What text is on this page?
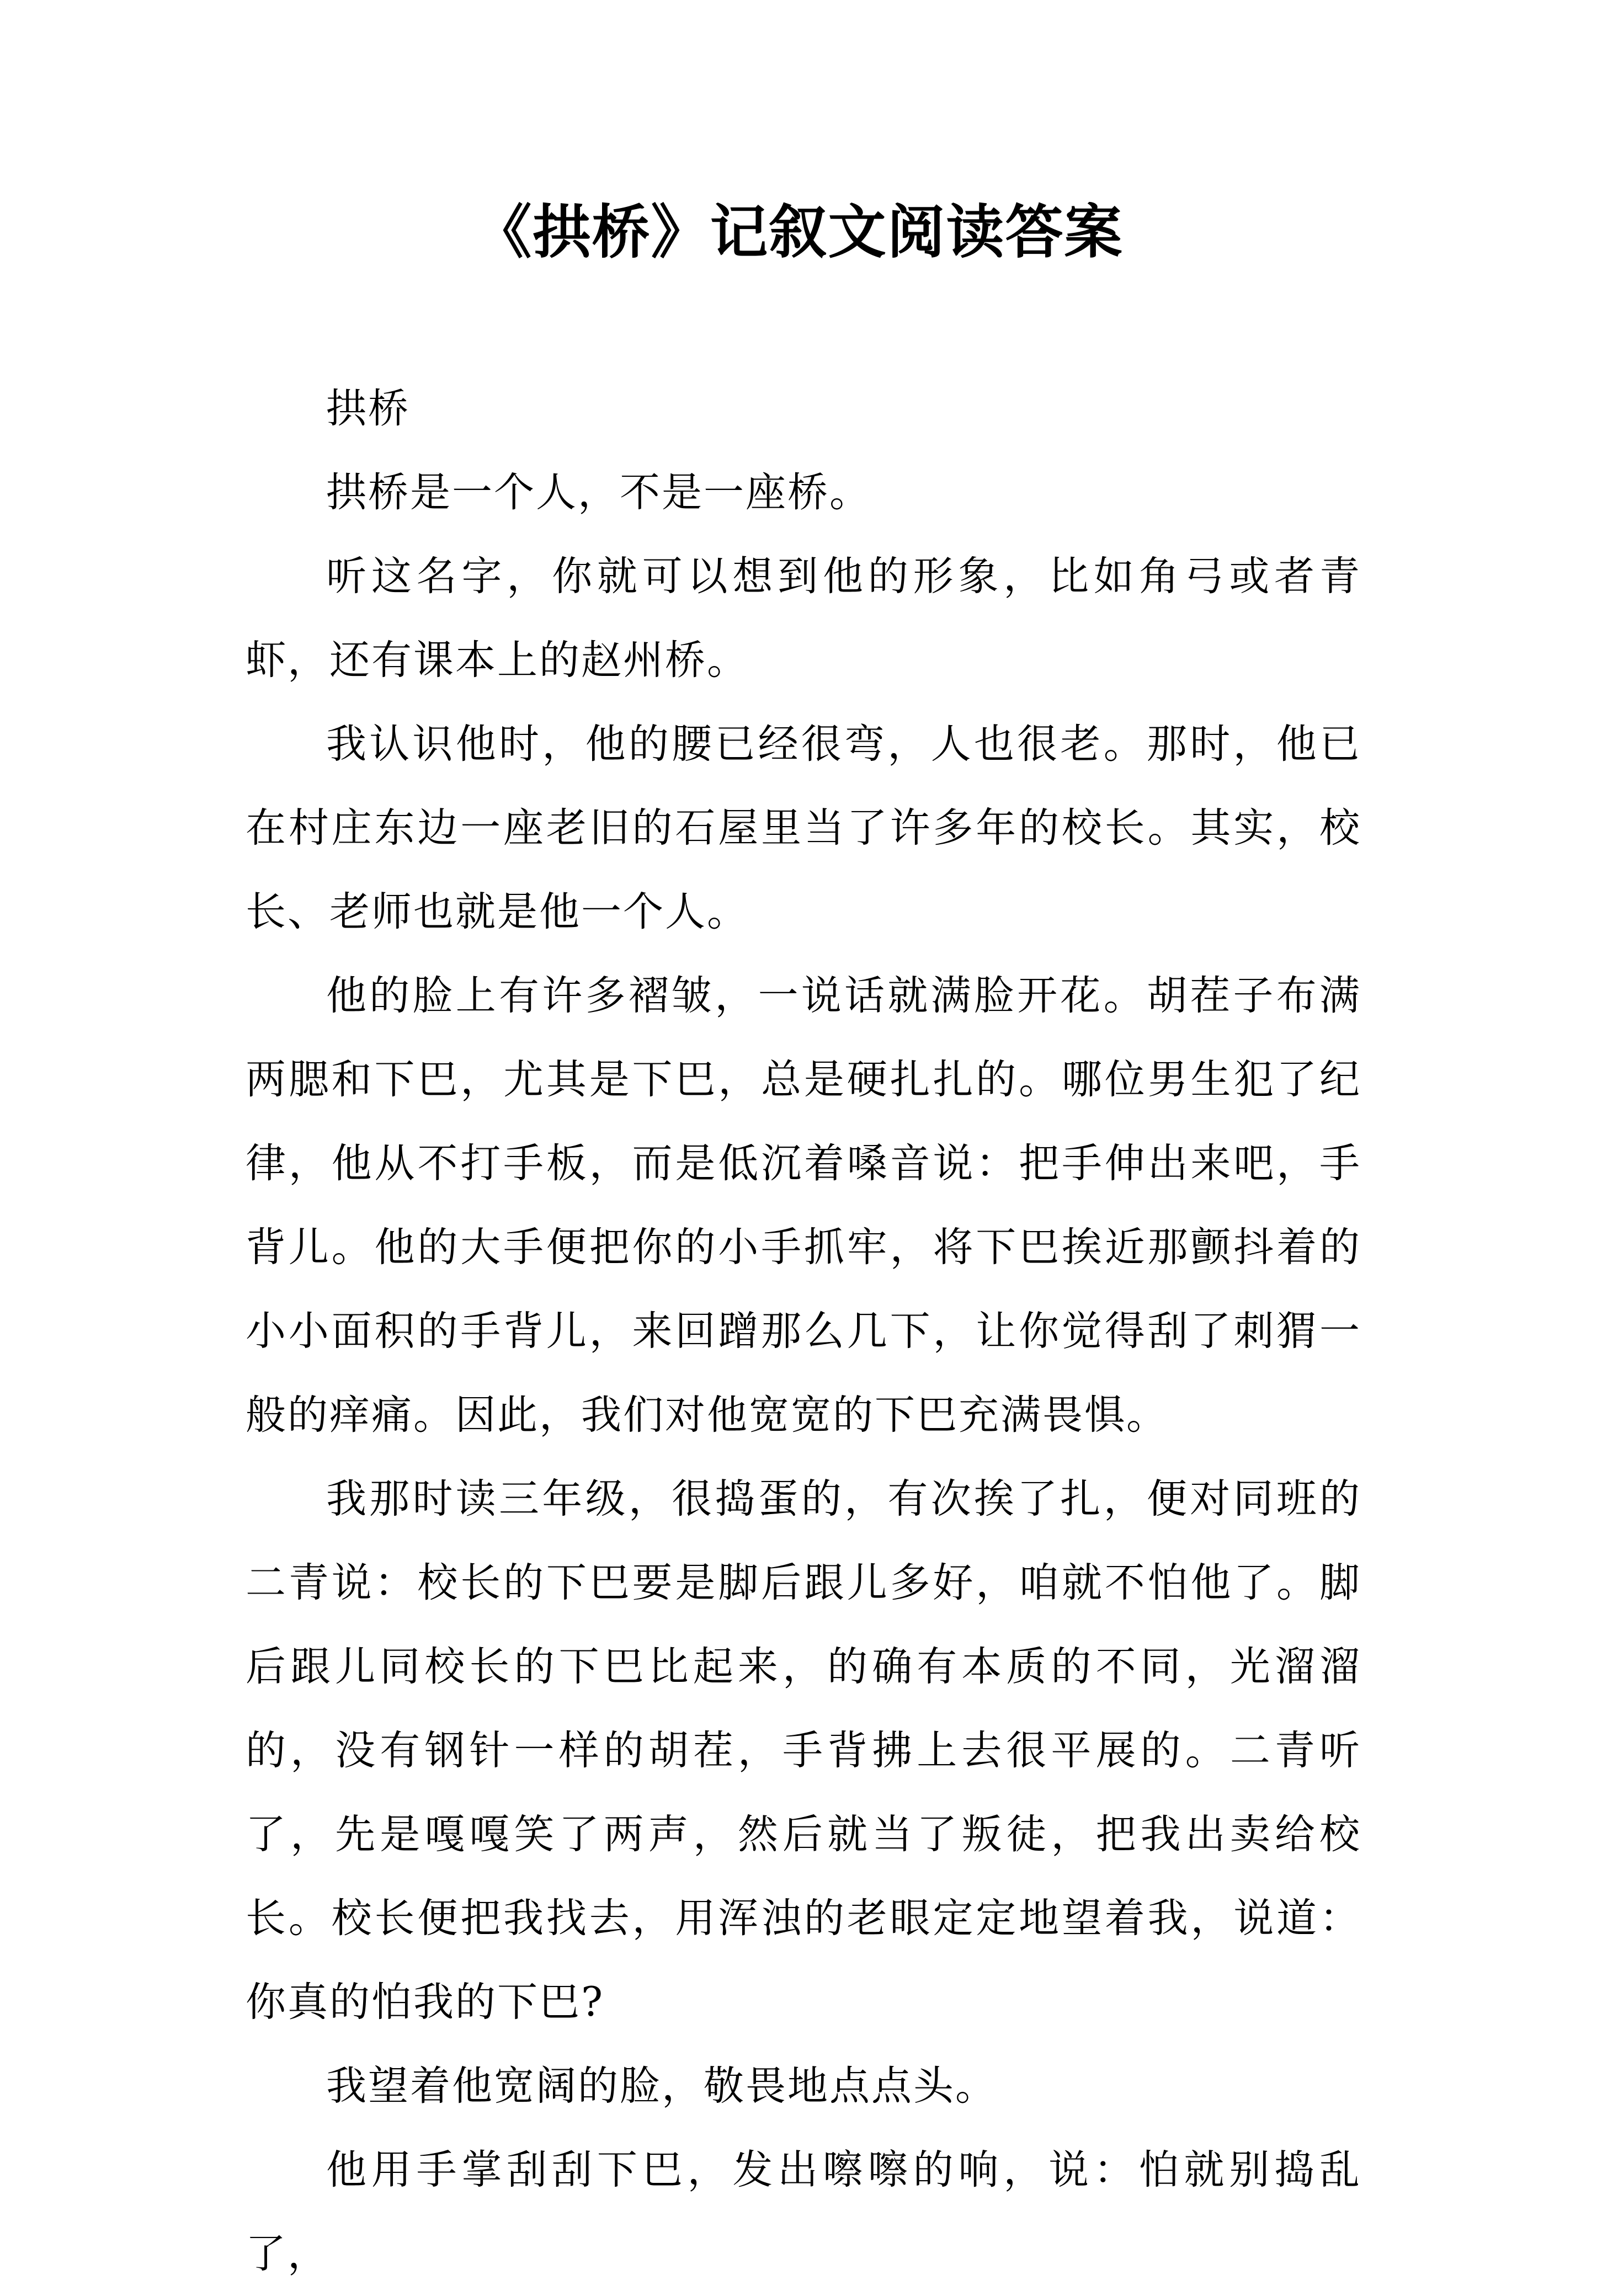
《拱桥》记叙文阅读答案

拱桥

拱桥是一个人，不是一座桥。

听这名字，你就可以想到他的形象，比如角弓或者青虾，还有课本上的赵州桥。

我认识他时，他的腰已经很弯，人也很老。那时，他已在村庄东边一座老旧的石屋里当了许多年的校长。其实，校长、老师也就是他一个人。

他的脸上有许多褶皱，一说话就满脸开花。胡茬子布满两腮和下巴，尤其是下巴，总是硬扎扎的。哪位男生犯了纪律，他从不打手板，而是低沉着嗓音说：把手伸出来吧，手背儿。他的大手便把你的小手抓牢，将下巴挨近那颤抖着的小小面积的手背儿，来回蹭那么几下，让你觉得刮了刺猬一般的痒痛。因此，我们对他宽宽的下巴充满畏惧。

我那时读三年级，很捣蛋的，有次挨了扎，便对同班的二青说：校长的下巴要是脚后跟儿多好，咱就不怕他了。脚后跟儿同校长的下巴比起来，的确有本质的不同，光溜溜的，没有钢针一样的胡茬，手背拂上去很平展的。二青听了，先是嘎嘎笑了两声，然后就当了叛徒，把我出卖给校长。校长便把我找去，用浑浊的老眼定定地望着我，说道：你真的怕我的下巴?

我望着他宽阔的脸，敬畏地点点头。

他用手掌刮刮下巴，发出嚓嚓的响，说：怕就别捣乱了，
